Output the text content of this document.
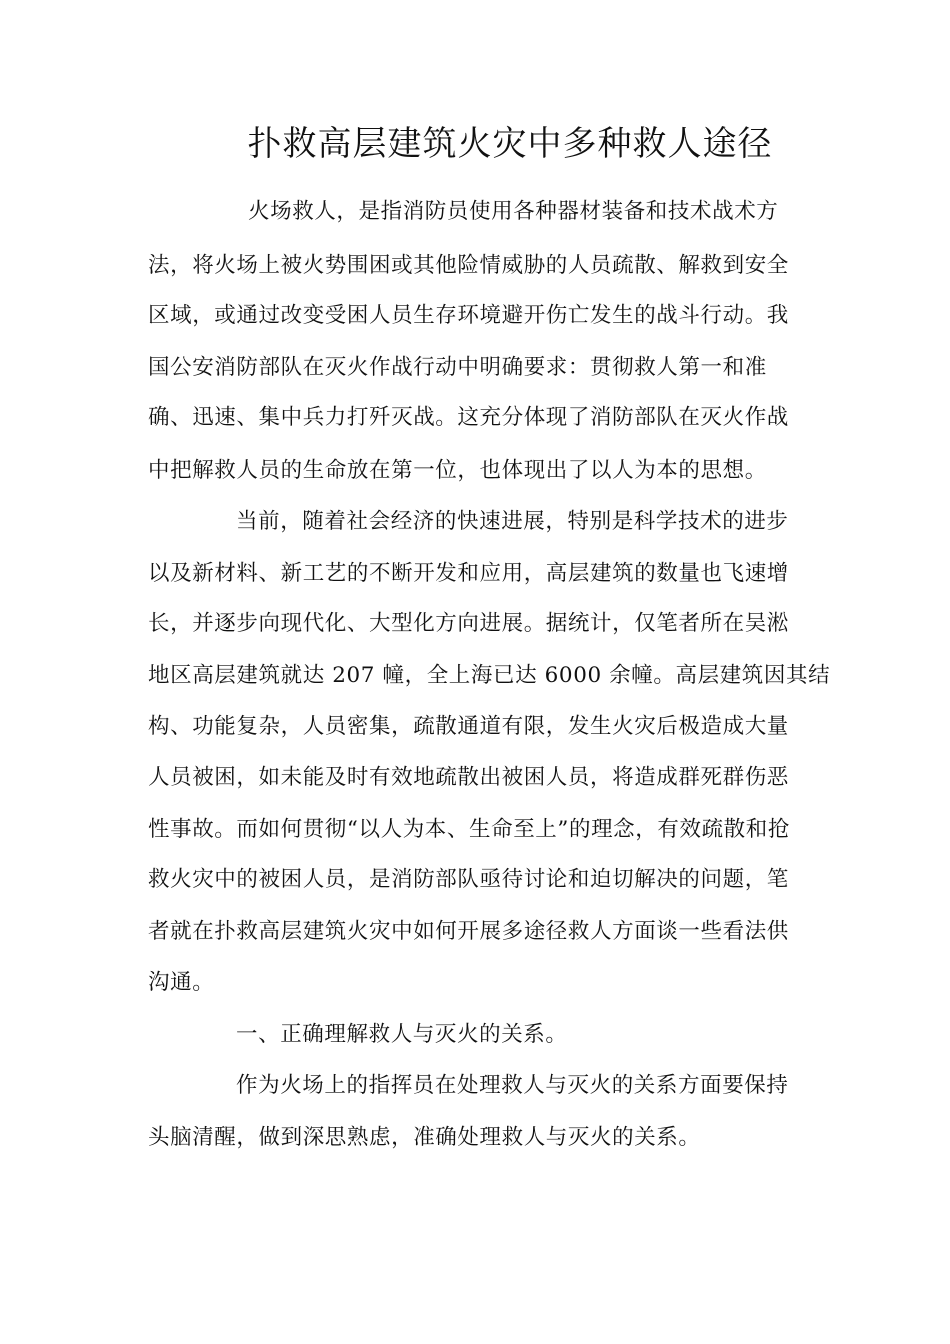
扑救高层建筑火灾中多种救人途径
火场救人，是指消防员使用各种器材装备和技术战术方
法，将火场上被火势围困或其他险情威胁的人员疏散、解救到安全
区域，或通过改变受困人员生存环境避开伤亡发生的战斗行动。我
国公安消防部队在灭火作战行动中明确要求：贯彻救人第一和准
确、迅速、集中兵力打歼灭战。这充分体现了消防部队在灭火作战
中把解救人员的生命放在第一位，也体现出了以人为本的思想。
当前，随着社会经济的快速进展，特别是科学技术的进步
以及新材料、新工艺的不断开发和应用，高层建筑的数量也飞速增
长，并逐步向现代化、大型化方向进展。据统计，仅笔者所在吴淞
地区高层建筑就达 207 幢，全上海已达 6000 余幢。高层建筑因其结
构、功能复杂，人员密集，疏散通道有限，发生火灾后极造成大量
人员被困，如未能及时有效地疏散出被困人员，将造成群死群伤恶
性事故。而如何贯彻“以人为本、生命至上”的理念，有效疏散和抢
救火灾中的被困人员，是消防部队亟待讨论和迫切解决的问题，笔
者就在扑救高层建筑火灾中如何开展多途径救人方面谈一些看法供
沟通。
一、正确理解救人与灭火的关系。
作为火场上的指挥员在处理救人与灭火的关系方面要保持
头脑清醒，做到深思熟虑，准确处理救人与灭火的关系。
